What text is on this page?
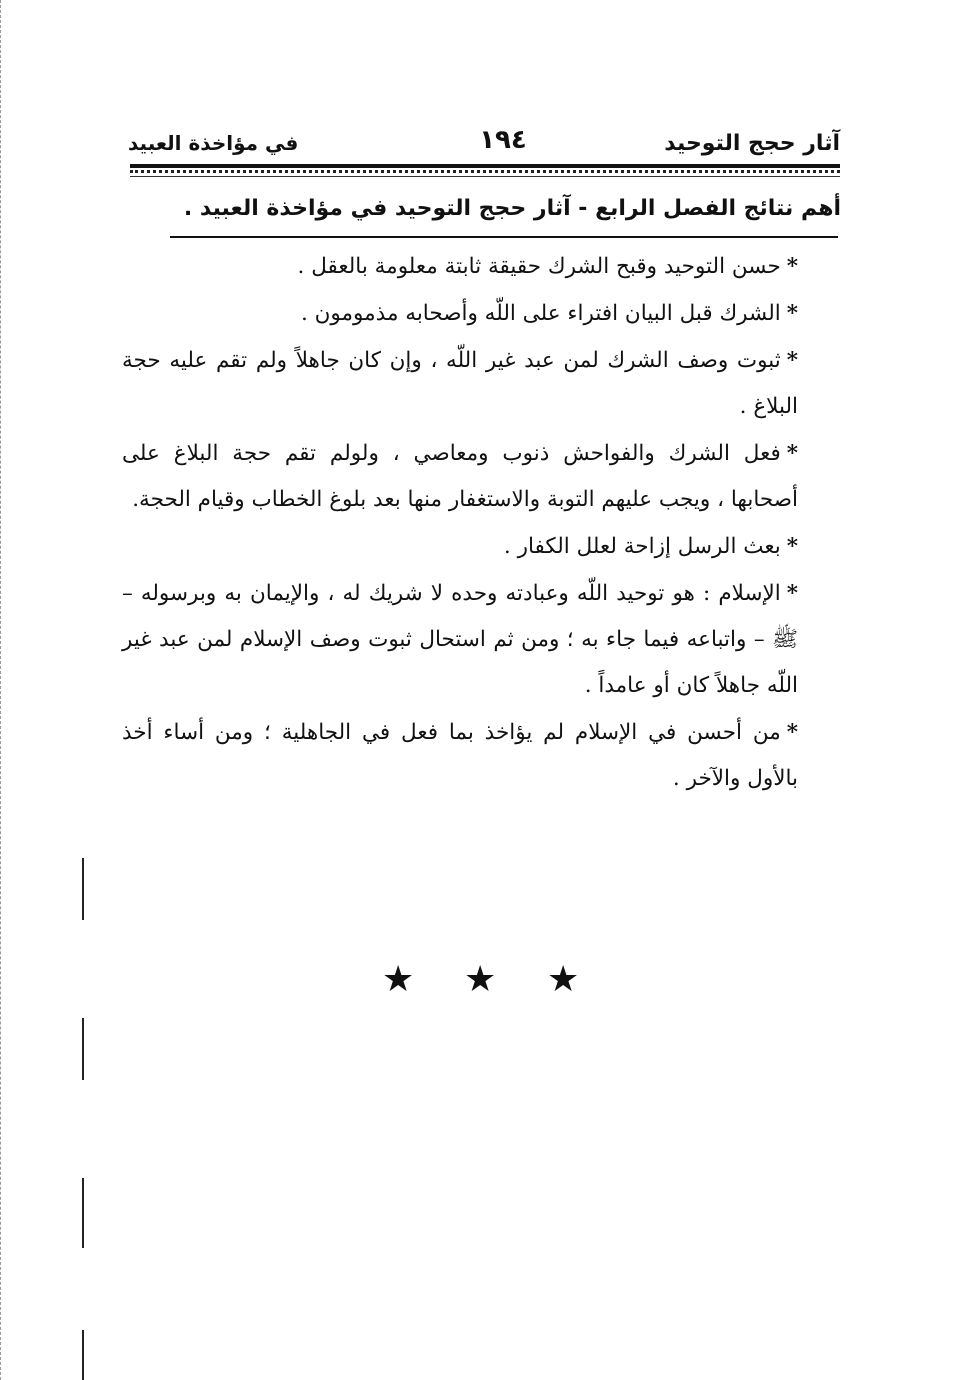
آثار حجج التوحيد
١٩٤
في مؤاخذة العبيد
أهم نتائج الفصل الرابع - آثار حجج التوحيد في مؤاخذة العبيد .
*حسن التوحيد وقبح الشرك حقيقة ثابتة معلومة بالعقل .
*الشرك قبل البيان افتراء على اللّه وأصحابه مذمومون .
*ثبوت وصف الشرك لمن عبد غير اللّه ، وإن كان جاهلاً ولم تقم عليه حجة البلاغ .
*فعل الشرك والفواحش ذنوب ومعاصي ، ولولم تقم حجة البلاغ على أصحابها ، ويجب عليهم التوبة والاستغفار منها بعد بلوغ الخطاب وقيام الحجة.
*بعث الرسل إزاحة لعلل الكفار .
*الإسلام : هو توحيد اللّه وعبادته وحده لا شريك له ، والإيمان به وبرسوله – ﷺ – واتباعه فيما جاء به ؛ ومن ثم استحال ثبوت وصف الإسلام لمن عبد غير اللّه جاهلاً كان أو عامداً .
*من أحسن في الإسلام لم يؤاخذ بما فعل في الجاهلية ؛ ومن أساء أخذ بالأول والآخر .
★ ★ ★
